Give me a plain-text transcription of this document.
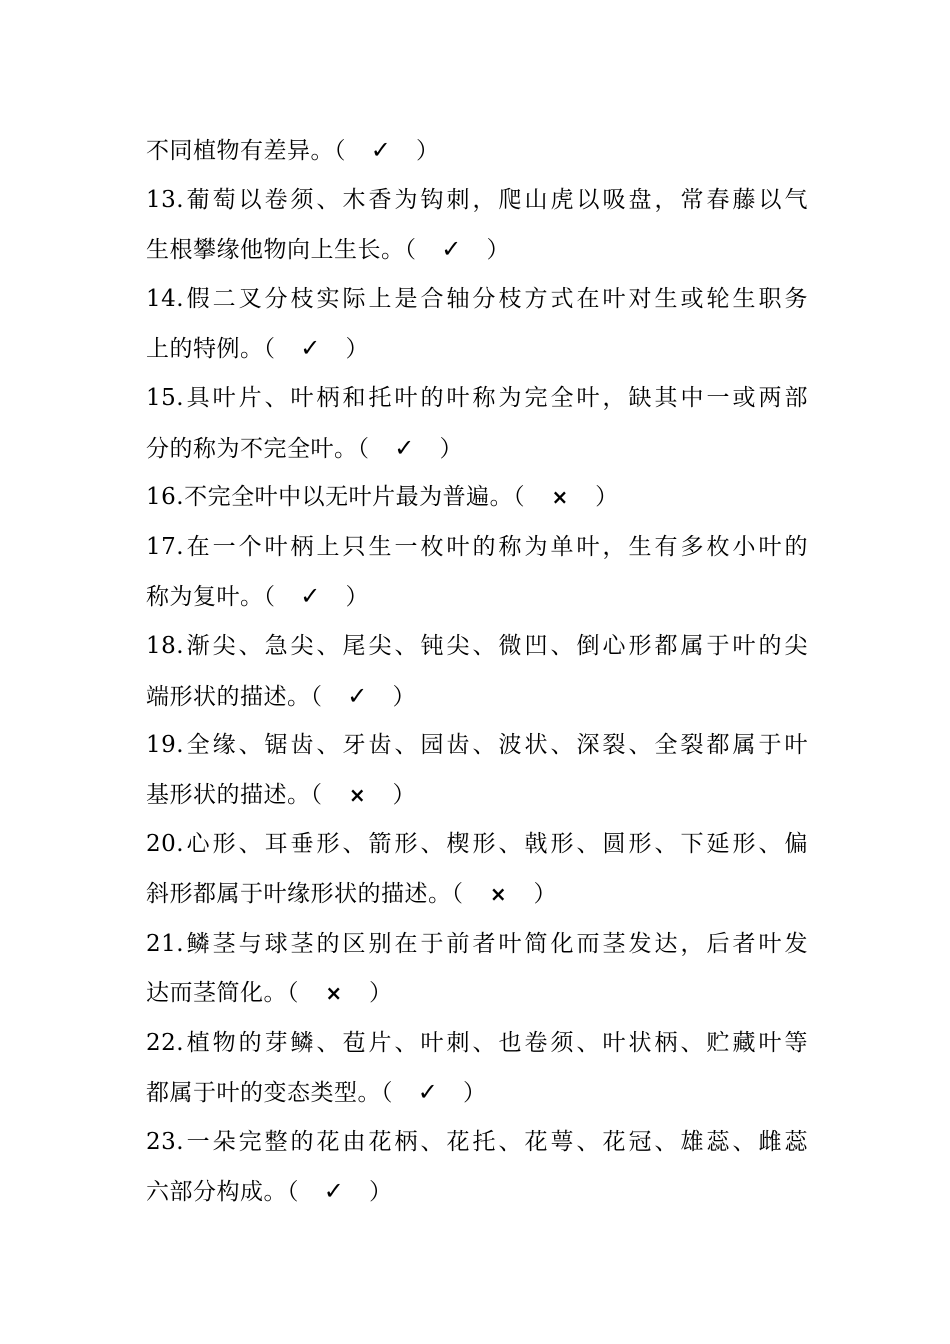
不同植物有差异。（ ✓ ）
13.葡萄以卷须、木香为钩刺，爬山虎以吸盘，常春藤以气
生根攀缘他物向上生长。（ ✓ ）
14.假二叉分枝实际上是合轴分枝方式在叶对生或轮生职务
上的特例。（ ✓ ）
15.具叶片、叶柄和托叶的叶称为完全叶，缺其中一或两部
分的称为不完全叶。（ ✓ ）
16.不完全叶中以无叶片最为普遍。（ × ）
17.在一个叶柄上只生一枚叶的称为单叶，生有多枚小叶的
称为复叶。（ ✓ ）
18.渐尖、急尖、尾尖、钝尖、微凹、倒心形都属于叶的尖
端形状的描述。（ ✓ ）
19.全缘、锯齿、牙齿、园齿、波状、深裂、全裂都属于叶
基形状的描述。（ × ）
20.心形、耳垂形、箭形、楔形、戟形、圆形、下延形、偏
斜形都属于叶缘形状的描述。（ × ）
21.鳞茎与球茎的区别在于前者叶简化而茎发达，后者叶发
达而茎简化。（ × ）
22.植物的芽鳞、苞片、叶刺、也卷须、叶状柄、贮藏叶等
都属于叶的变态类型。（ ✓ ）
23.一朵完整的花由花柄、花托、花萼、花冠、雄蕊、雌蕊
六部分构成。（ ✓ ）
